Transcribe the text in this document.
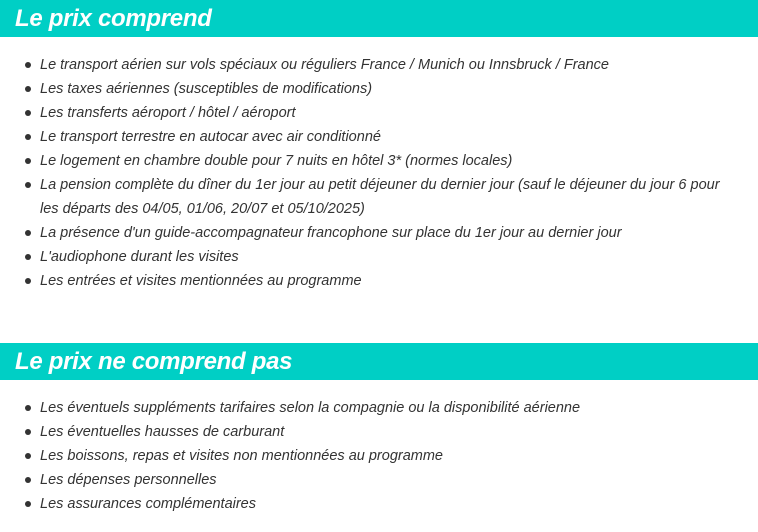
Le prix comprend
Le transport aérien sur vols spéciaux ou réguliers France / Munich ou Innsbruck / France
Les taxes aériennes (susceptibles de modifications)
Les transferts aéroport / hôtel / aéroport
Le transport terrestre en autocar avec air conditionné
Le logement en chambre double pour 7 nuits en hôtel 3* (normes locales)
La pension complète du dîner du 1er jour au petit déjeuner du dernier jour (sauf le déjeuner du jour 6 pour les départs des 04/05, 01/06, 20/07 et 05/10/2025)
La présence d'un guide-accompagnateur francophone sur place du 1er jour au dernier jour
L'audiophone durant les visites
Les entrées et visites mentionnées au programme
Le prix ne comprend pas
Les éventuels suppléments tarifaires selon la compagnie ou la disponibilité aérienne
Les éventuelles hausses de carburant
Les boissons, repas et visites non mentionnées au programme
Les dépenses personnelles
Les assurances complémentaires
